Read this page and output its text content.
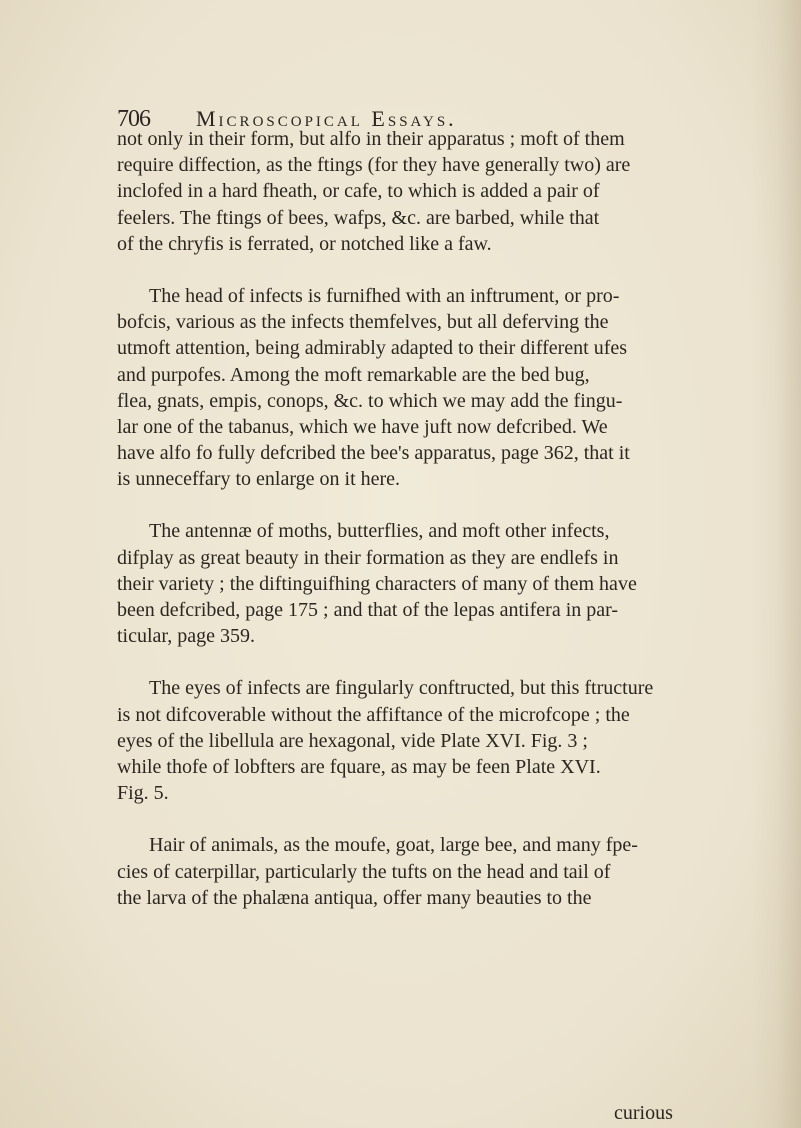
706 Microscopical Essays.

not only in their form, but alfo in their apparatus ; moft of them
require diffection, as the ftings (for they have generally two) are
inclofed in a hard fheath, or cafe, to which is added a pair of
feelers. The ftings of bees, wafps, &c. are barbed, while that
of the chryfis is ferrated, or notched like a faw.

The head of infects is furnifhed with an inftrument, or pro-
bofcis, various as the infects themfelves, but all deferving the
utmoft attention, being admirably adapted to their different ufes
and purpofes. Among the moft remarkable are the bed bug,
flea, gnats, empis, conops, &c. to which we may add the fingu-
lar one of the tabanus, which we have juft now defcribed. We
have alfo fo fully defcribed the bee's apparatus, page 362, that it
is unneceffary to enlarge on it here.

The antennæ of moths, butterflies, and moft other infects,
difplay as great beauty in their formation as they are endlefs in
their variety ; the diftinguifhing characters of many of them have
been defcribed, page 175 ; and that of the lepas antifera in par-
ticular, page 359.

The eyes of infects are fingularly conftructed, but this ftructure
is not difcoverable without the affiftance of the microfcope ; the
eyes of the libellula are hexagonal, vide Plate XVI. Fig. 3 ;
while thofe of lobfters are fquare, as may be feen Plate XVI.
Fig. 5.

Hair of animals, as the moufe, goat, large bee, and many fpe-
cies of caterpillar, particularly the tufts on the head and tail of
the larva of the phalæna antiqua, offer many beauties to the

curious
